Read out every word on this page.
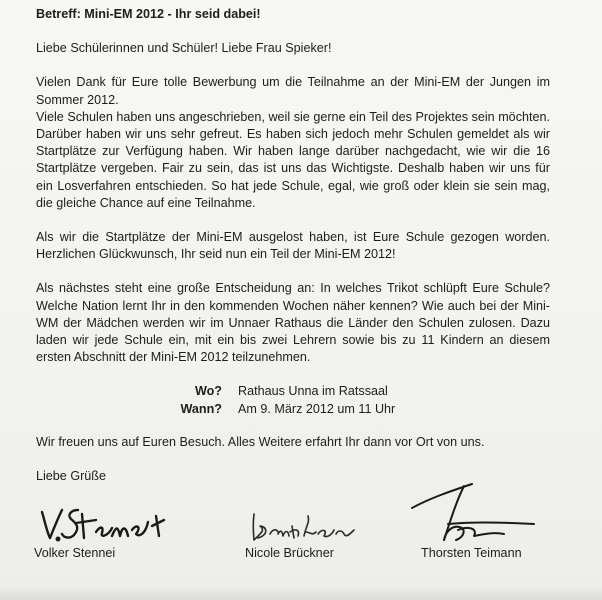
Betreff: Mini-EM 2012 - Ihr seid dabei!

Liebe Schülerinnen und Schüler! Liebe Frau Spieker!

Vielen Dank für Eure tolle Bewerbung um die Teilnahme an der Mini-EM der Jungen im Sommer 2012.

Viele Schulen haben uns angeschrieben, weil sie gerne ein Teil des Projektes sein möchten. Darüber haben wir uns sehr gefreut. Es haben sich jedoch mehr Schulen gemeldet als wir Startplätze zur Verfügung haben. Wir haben lange darüber nachgedacht, wie wir die 16 Startplätze vergeben. Fair zu sein, das ist uns das Wichtigste. Deshalb haben wir uns für ein Losverfahren entschieden. So hat jede Schule, egal, wie groß oder klein sie sein mag, die gleiche Chance auf eine Teilnahme.

Als wir die Startplätze der Mini-EM ausgelost haben, ist Eure Schule gezogen worden. Herzlichen Glückwunsch, Ihr seid nun ein Teil der Mini-EM 2012!

Als nächstes steht eine große Entscheidung an: In welches Trikot schlüpft Eure Schule? Welche Nation lernt Ihr in den kommenden Wochen näher kennen? Wie auch bei der Mini-WM der Mädchen werden wir im Unnaer Rathaus die Länder den Schulen zulosen. Dazu laden wir jede Schule ein, mit ein bis zwei Lehrern sowie bis zu 11 Kindern an diesem ersten Abschnitt der Mini-EM 2012 teilzunehmen.

Wo? Rathaus Unna im Ratssaal
Wann? Am 9. März 2012 um 11 Uhr

Wir freuen uns auf Euren Besuch. Alles Weitere erfahrt Ihr dann vor Ort von uns.

Liebe Grüße
Volker Stennei	Nicole Brückner	Thorsten Teimann
